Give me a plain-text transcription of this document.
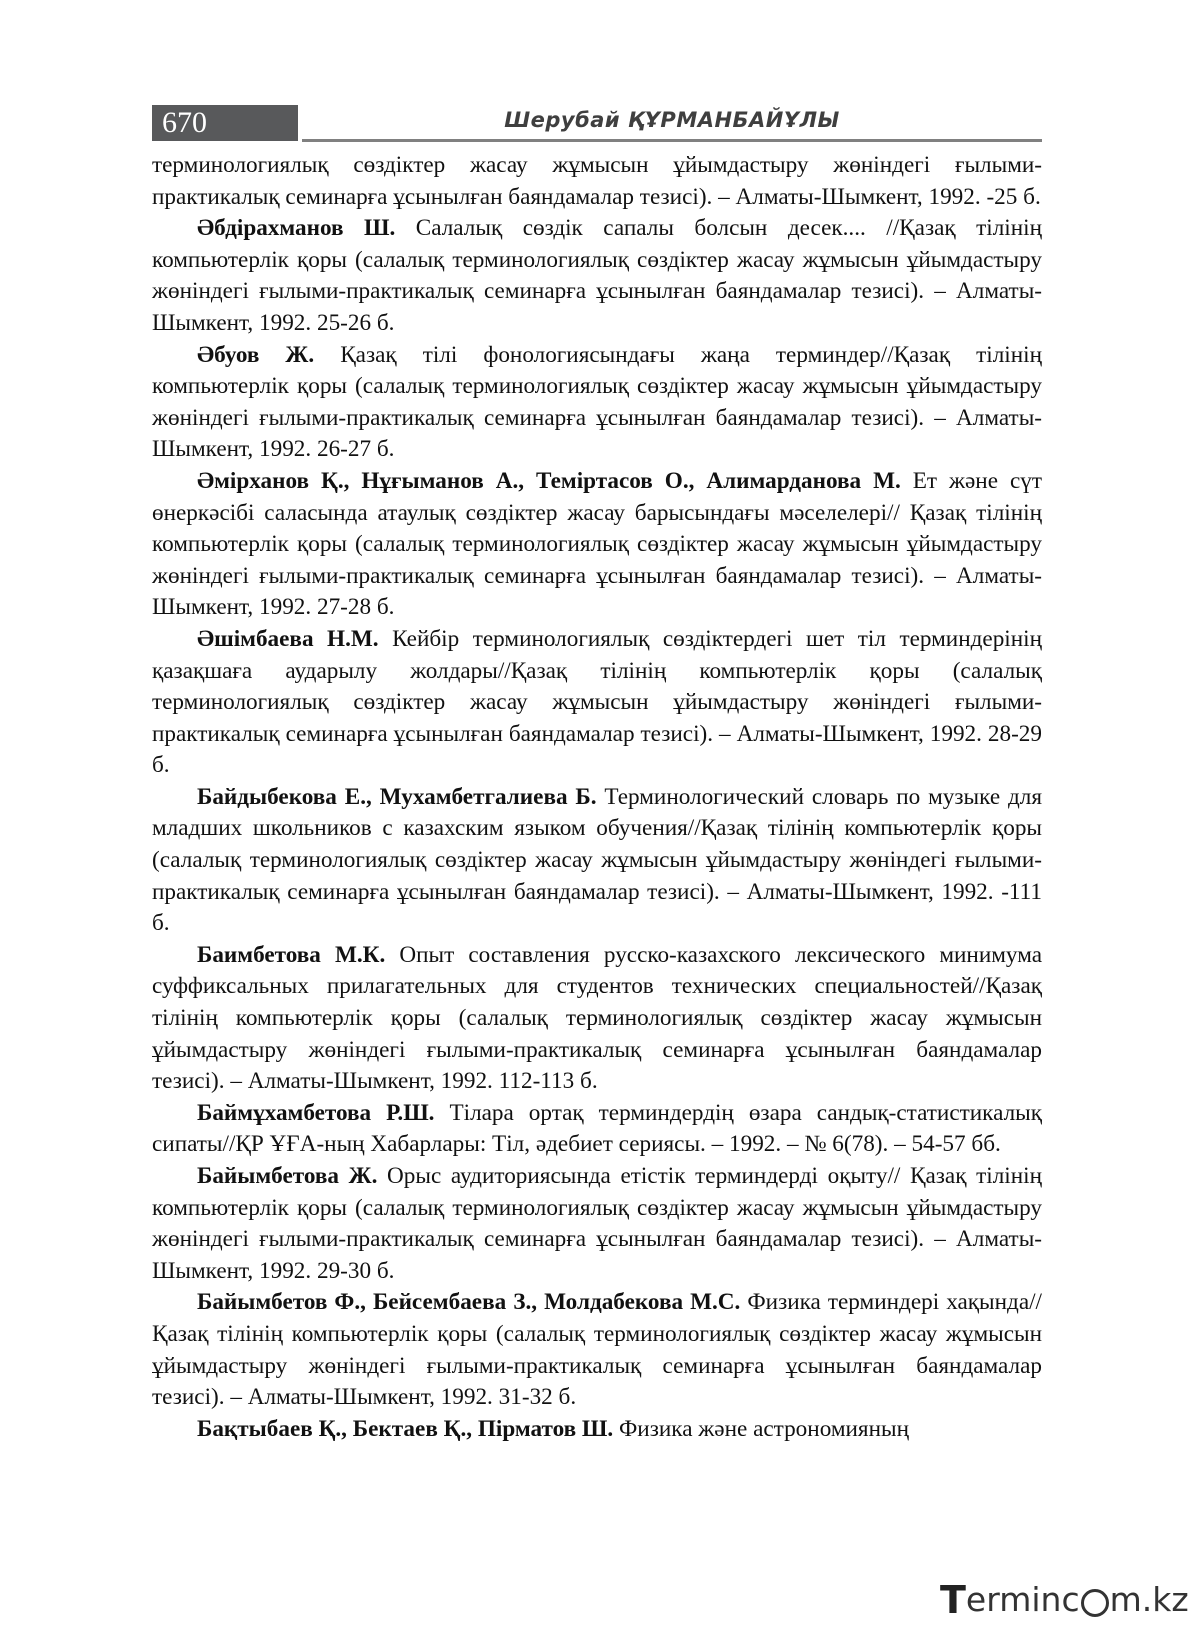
670	Шерубай ҚҰРМАНБАЙҰЛЫ

терминологиялық сөздіктер жасау жұмысын ұйымдастыру жөніндегі ғылыми-практикалық семинарға ұсынылған баяндамалар тезисі). – Алматы-Шымкент, 1992. -25 б.

Әбдірахманов Ш. Салалық сөздік сапалы болсын десек.... //Қазақ тілінің компьютерлік қоры (салалық терминологиялық сөздіктер жасау жұмысын ұйымдастыру жөніндегі ғылыми-практикалық семинарға ұсынылған баяндамалар тезисі). – Алматы-Шымкент, 1992. 25-26 б.

Әбуов Ж. Қазақ тілі фонологиясындағы жаңа терминдер//Қазақ тілінің компьютерлік қоры (салалық терминологиялық сөздіктер жасау жұмысын ұйымдастыру жөніндегі ғылыми-практикалық семинарға ұсынылған баяндамалар тезисі). – Алматы-Шымкент, 1992. 26-27 б.

Әмірханов Қ., Нұғыманов А., Теміртасов О., Алимарданова М. Ет және сүт өнеркәсібі саласында атаулық сөздіктер жасау барысындағы мәселелері// Қазақ тілінің компьютерлік қоры (салалық терминологиялық сөздіктер жасау жұмысын ұйымдастыру жөніндегі ғылыми-практикалық семинарға ұсынылған баяндамалар тезисі). – Алматы-Шымкент, 1992. 27-28 б.

Әшімбаева Н.М. Кейбір терминологиялық сөздіктердегі шет тіл терминдерінің қазақшаға аударылу жолдары//Қазақ тілінің компьютерлік қоры (салалық терминологиялық сөздіктер жасау жұмысын ұйымдастыру жөніндегі ғылыми-практикалық семинарға ұсынылған баяндамалар тезисі). – Алматы-Шымкент, 1992. 28-29 б.

Байдыбекова Е., Мухамбетгалиева Б. Терминологический словарь по музыке для младших школьников с казахским языком обучения//Қазақ тілінің компьютерлік қоры (салалық терминологиялық сөздіктер жасау жұмысын ұйымдастыру жөніндегі ғылыми-практикалық семинарға ұсынылған баяндамалар тезисі). – Алматы-Шымкент, 1992. -111 б.

Баимбетова М.К. Опыт составления русско-казахского лексического минимума суффиксальных прилагательных для студентов технических специальностей//Қазақ тілінің компьютерлік қоры (салалық терминологиялық сөздіктер жасау жұмысын ұйымдастыру жөніндегі ғылыми-практикалық семинарға ұсынылған баяндамалар тезисі). – Алматы-Шымкент, 1992. 112-113 б.

Баймұхамбетова Р.Ш. Тілара ортақ терминдердің өзара сандық-статистикалық сипаты//ҚР ҰҒА-ның Хабарлары: Тіл, әдебиет сериясы. – 1992. – № 6(78). – 54-57 бб.

Байымбетова Ж. Орыс аудиториясында етістік терминдерді оқыту// Қазақ тілінің компьютерлік қоры (салалық терминологиялық сөздіктер жасау жұмысын ұйымдастыру жөніндегі ғылыми-практикалық семинарға ұсынылған баяндамалар тезисі). – Алматы-Шымкент, 1992. 29-30 б.

Байымбетов Ф., Бейсембаева З., Молдабекова М.С. Физика терминдері хақында//Қазақ тілінің компьютерлік қоры (салалық терминологиялық сөздіктер жасау жұмысын ұйымдастыру жөніндегі ғылыми-практикалық семинарға ұсынылған баяндамалар тезисі). – Алматы-Шымкент, 1992. 31-32 б.

Бақтыбаев Қ., Бектаев Қ., Пірматов Ш. Физика және астрономияның

T erminc m.kz
